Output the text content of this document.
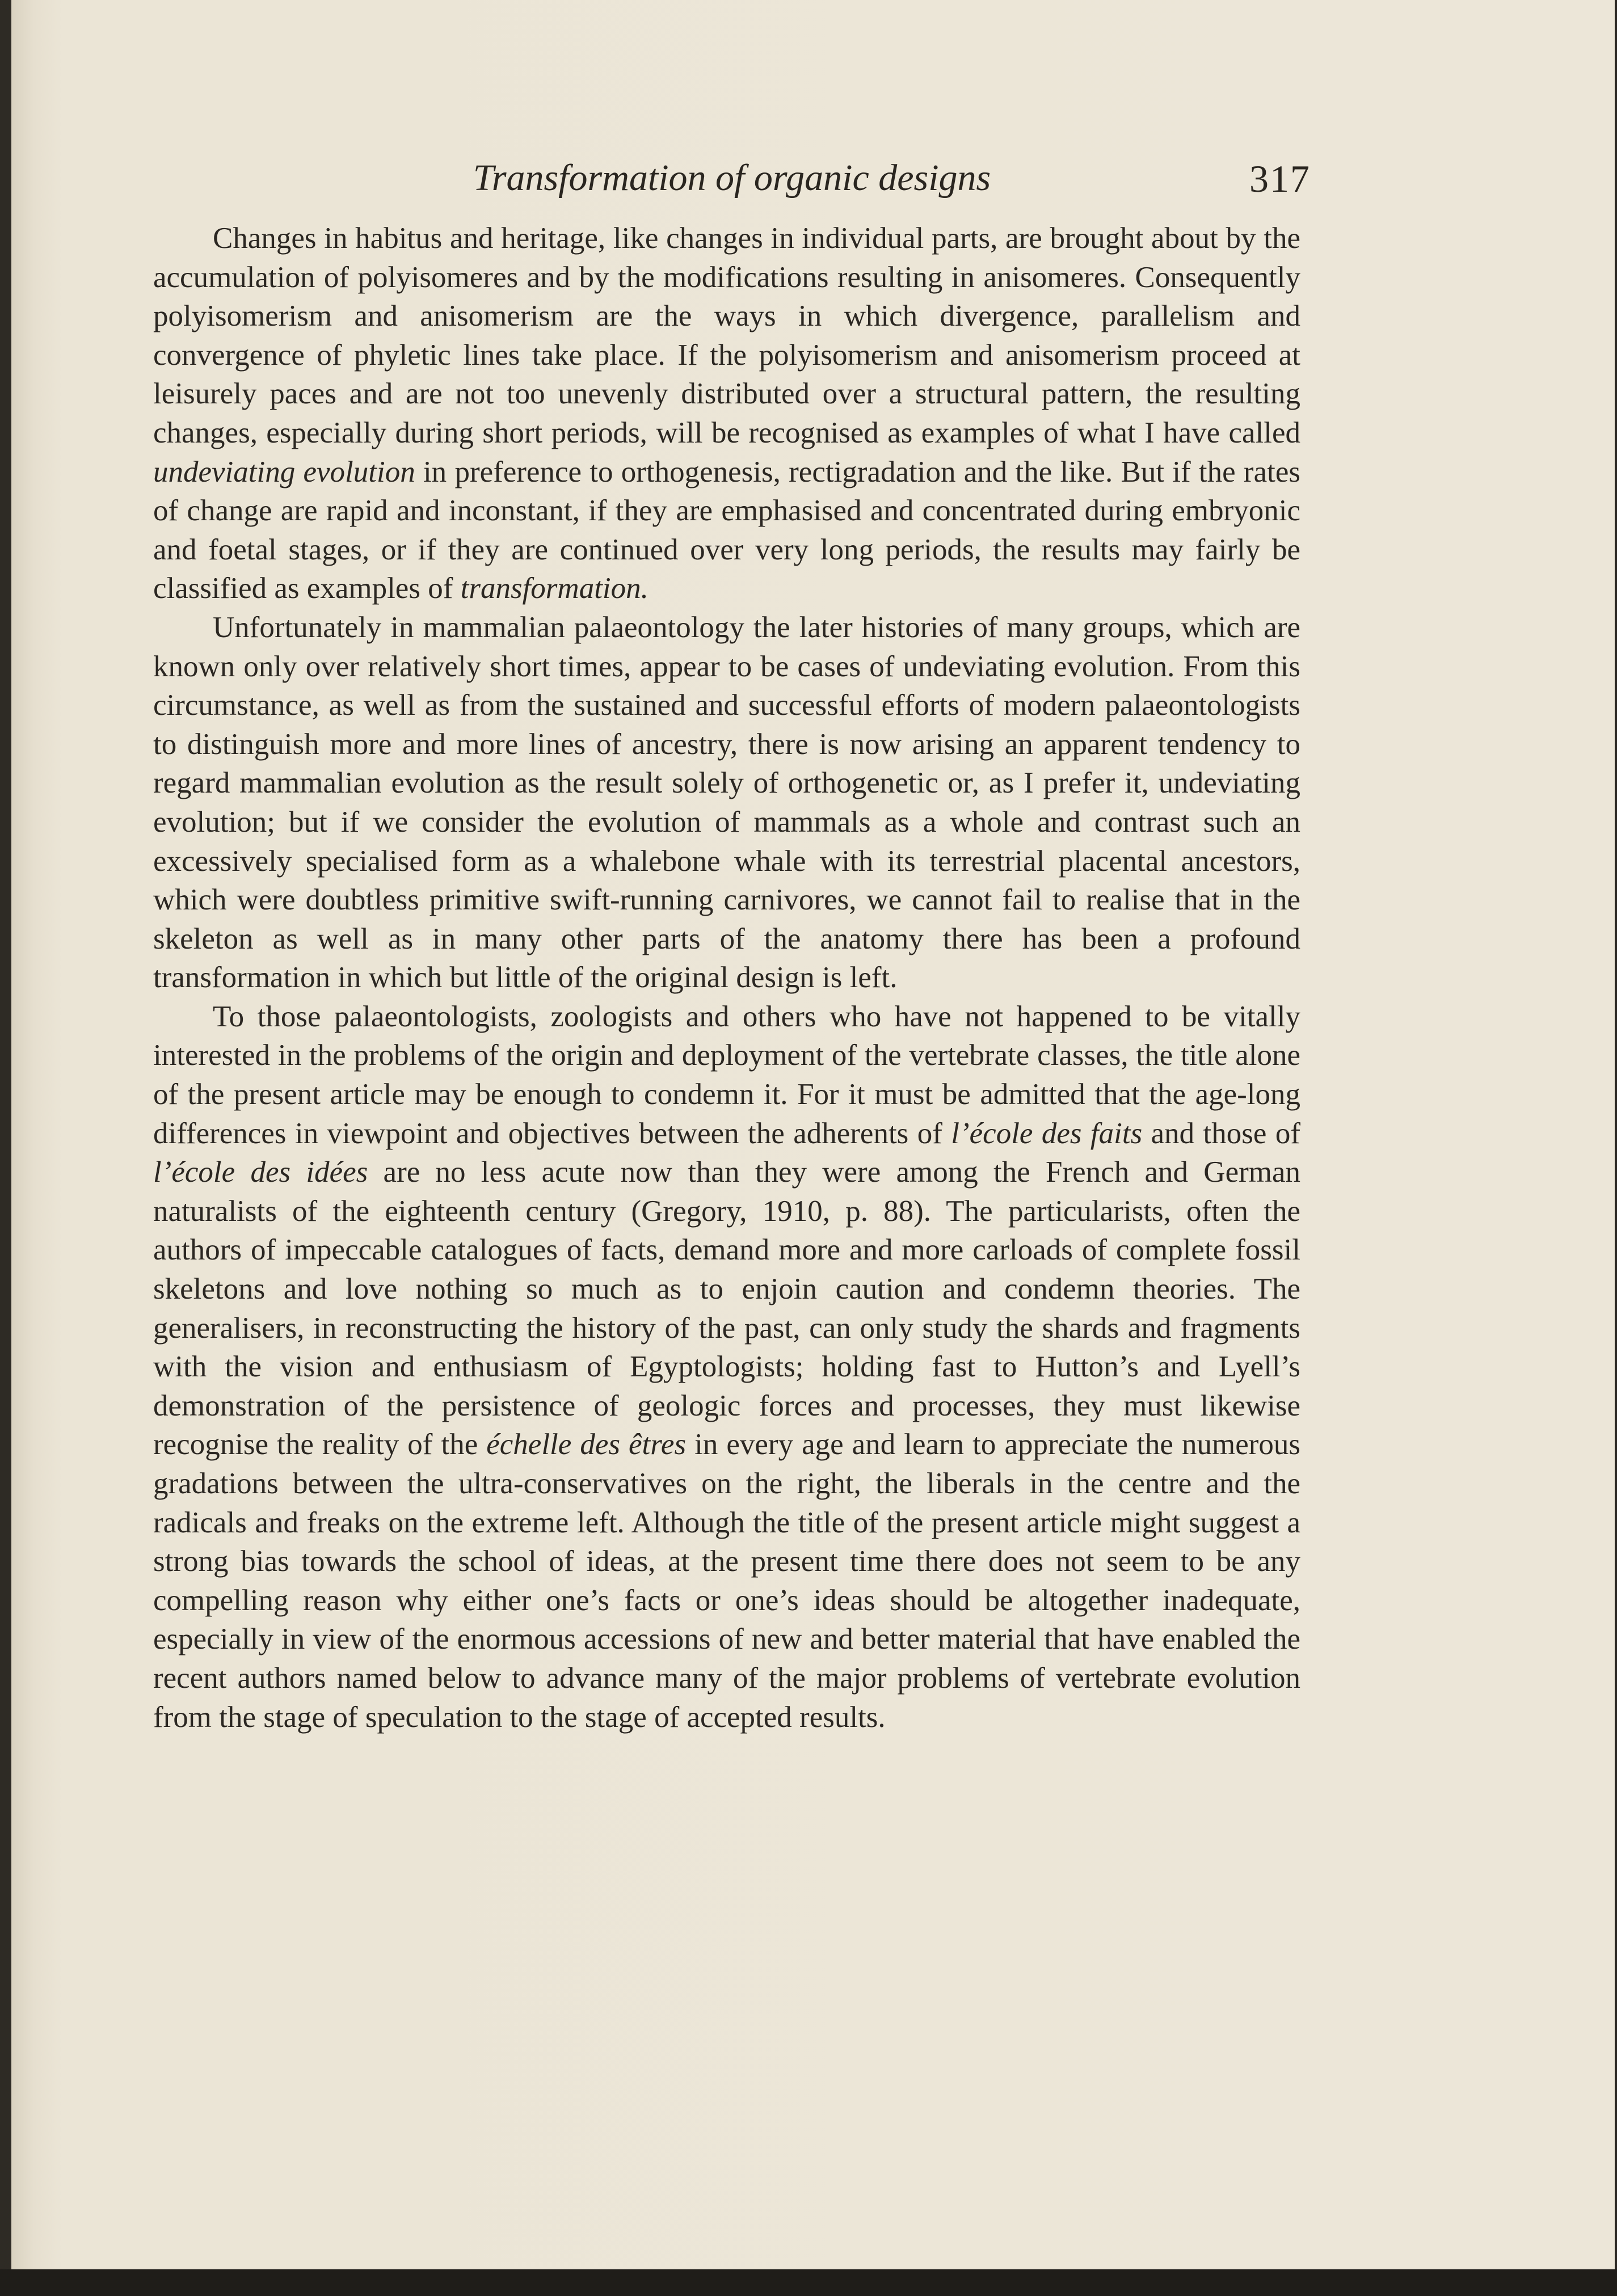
Transformation of organic designs	317

Changes in habitus and heritage, like changes in individual parts, are brought about by the accumulation of polyisomeres and by the modifications resulting in anisomeres. Consequently polyisomerism and anisomerism are the ways in which divergence, parallelism and convergence of phyletic lines take place. If the polyisomerism and anisomerism proceed at leisurely paces and are not too unevenly distributed over a structural pattern, the resulting changes, especially during short periods, will be recognised as examples of what I have called undeviating evolution in preference to orthogenesis, rectigradation and the like. But if the rates of change are rapid and inconstant, if they are emphasised and concentrated during embryonic and foetal stages, or if they are continued over very long periods, the results may fairly be classified as examples of transformation.

Unfortunately in mammalian palaeontology the later histories of many groups, which are known only over relatively short times, appear to be cases of undeviating evolution. From this circumstance, as well as from the sustained and successful efforts of modern palaeontologists to distinguish more and more lines of ancestry, there is now arising an apparent tendency to regard mammalian evolution as the result solely of orthogenetic or, as I prefer it, undeviating evolution; but if we consider the evolution of mammals as a whole and contrast such an excessively specialised form as a whalebone whale with its terrestrial placental ancestors, which were doubtless primitive swift-running carnivores, we cannot fail to realise that in the skeleton as well as in many other parts of the anatomy there has been a profound transformation in which but little of the original design is left.

To those palaeontologists, zoologists and others who have not happened to be vitally interested in the problems of the origin and deployment of the vertebrate classes, the title alone of the present article may be enough to condemn it. For it must be admitted that the age-long differences in viewpoint and objectives between the adherents of l’école des faits and those of l’école des idées are no less acute now than they were among the French and German naturalists of the eighteenth century (Gregory, 1910, p. 88). The particularists, often the authors of impeccable catalogues of facts, demand more and more carloads of complete fossil skeletons and love nothing so much as to enjoin caution and condemn theories. The generalisers, in reconstructing the history of the past, can only study the shards and fragments with the vision and enthusiasm of Egyptologists; holding fast to Hutton’s and Lyell’s demonstration of the persistence of geologic forces and processes, they must likewise recognise the reality of the échelle des êtres in every age and learn to appreciate the numerous gradations between the ultra-conservatives on the right, the liberals in the centre and the radicals and freaks on the extreme left. Although the title of the present article might suggest a strong bias towards the school of ideas, at the present time there does not seem to be any compelling reason why either one’s facts or one’s ideas should be altogether inadequate, especially in view of the enormous accessions of new and better material that have enabled the recent authors named below to advance many of the major problems of vertebrate evolution from the stage of speculation to the stage of accepted results.
